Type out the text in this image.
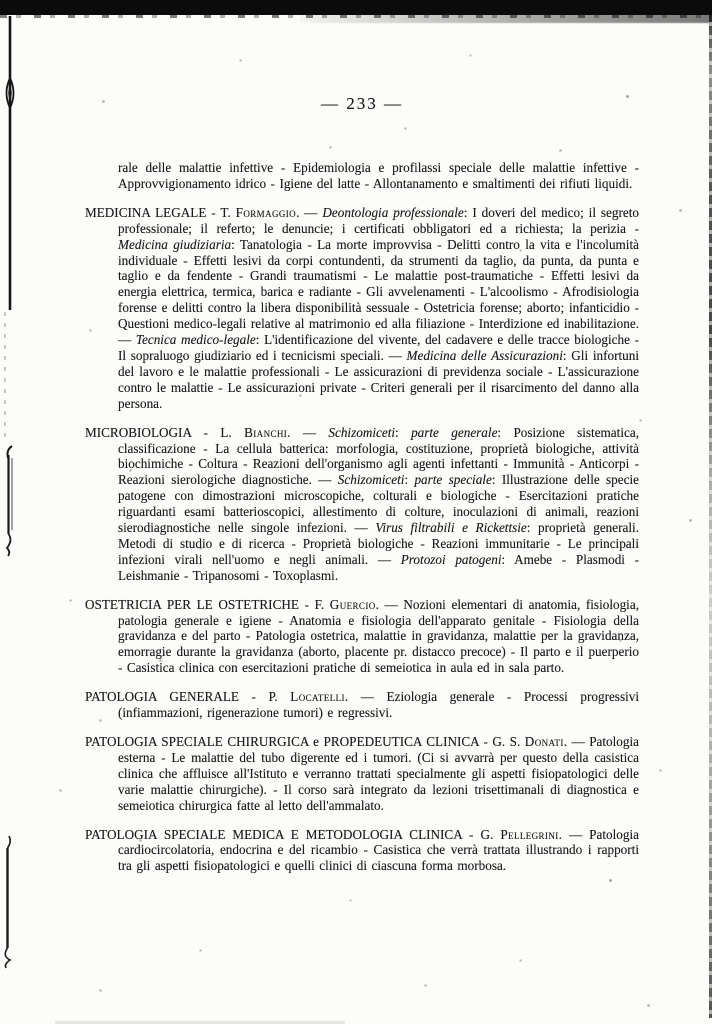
— 233 —

rale delle malattie infettive - Epidemiologia e profilassi speciale delle malattie infettive - Approvvigionamento idrico - Igiene del latte - Allontanamento e smaltimenti dei rifiuti liquidi.

MEDICINA LEGALE - T. Formaggio. — Deontologia professionale: I doveri del medico; il segreto professionale; il referto; le denuncie; i certificati obbligatori ed a richiesta; la perizia - Medicina giudiziaria: Tanatologia - La morte improvvisa - Delitti contro la vita e l'incolumità individuale - Effetti lesivi da corpi contundenti, da strumenti da taglio, da punta, da punta e taglio e da fendente - Grandi traumatismi - Le malattie post-traumatiche - Effetti lesivi da energia elettrica, termica, barica e radiante - Gli avvelenamenti - L'alcoolismo - Afrodisiologia forense e delitti contro la libera disponibilità sessuale - Ostetricia forense; aborto; infanticidio - Questioni medico-legali relative al matrimonio ed alla filiazione - Interdizione ed inabilitazione. — Tecnica medico-legale: L'identificazione del vivente, del cadavere e delle tracce biologiche - Il sopraluogo giudiziario ed i tecnicismi speciali. — Medicina delle Assicurazioni: Gli infortuni del lavoro e le malattie professionali - Le assicurazioni di previdenza sociale - L'assicurazione contro le malattie - Le assicurazioni private - Criteri generali per il risarcimento del danno alla persona.

MICROBIOLOGIA - L. Bianchi. — Schizomiceti: parte generale: Posizione sistematica, classificazione - La cellula batterica: morfologia, costituzione, proprietà biologiche, attività biochimiche - Coltura - Reazioni dell'organismo agli agenti infettanti - Immunità - Anticorpi - Reazioni sierologiche diagnostiche. — Schizomiceti: parte speciale: Illustrazione delle specie patogene con dimostrazioni microscopiche, colturali e biologiche - Esercitazioni pratiche riguardanti esami batterioscopici, allestimento di colture, inoculazioni di animali, reazioni sierodiagnostiche nelle singole infezioni. — Virus filtrabili e Rickettsie: proprietà generali. Metodi di studio e di ricerca - Proprietà biologiche - Reazioni immunitarie - Le principali infezioni virali nell'uomo e negli animali. — Protozoi patogeni: Amebe - Plasmodi - Leishmanie - Tripanosomi - Toxoplasmi.

OSTETRICIA PER LE OSTETRICHE - F. Guercio. — Nozioni elementari di anatomia, fisiologia, patologia generale e igiene - Anatomia e fisiologia dell'apparato genitale - Fisiologia della gravidanza e del parto - Patologia ostetrica, malattie in gravidanza, malattie per la gravidanza, emorragie durante la gravidanza (aborto, placente pr. distacco precoce) - Il parto e il puerperio - Casistica clinica con esercitazioni pratiche di semeiotica in aula ed in sala parto.

PATOLOGIA GENERALE - P. Locatelli. — Eziologia generale - Processi progressivi (infiammazioni, rigenerazione tumori) e regressivi.

PATOLOGIA SPECIALE CHIRURGICA e PROPEDEUTICA CLINICA - G. S. Donati. — Patologia esterna - Le malattie del tubo digerente ed i tumori. (Ci si avvarrà per questo della casistica clinica che affluisce all'Istituto e verranno trattati specialmente gli aspetti fisiopatologici delle varie malattie chirurgiche). - Il corso sarà integrato da lezioni trisettimanali di diagnostica e semeiotica chirurgica fatte al letto dell'ammalato.

PATOLOGIA SPECIALE MEDICA E METODOLOGIA CLINICA - G. Pellegrini. — Patologia cardiocircolatoria, endocrina e del ricambio - Casistica che verrà trattata illustrando i rapporti tra gli aspetti fisiopatologici e quelli clinici di ciascuna forma morbosa.
